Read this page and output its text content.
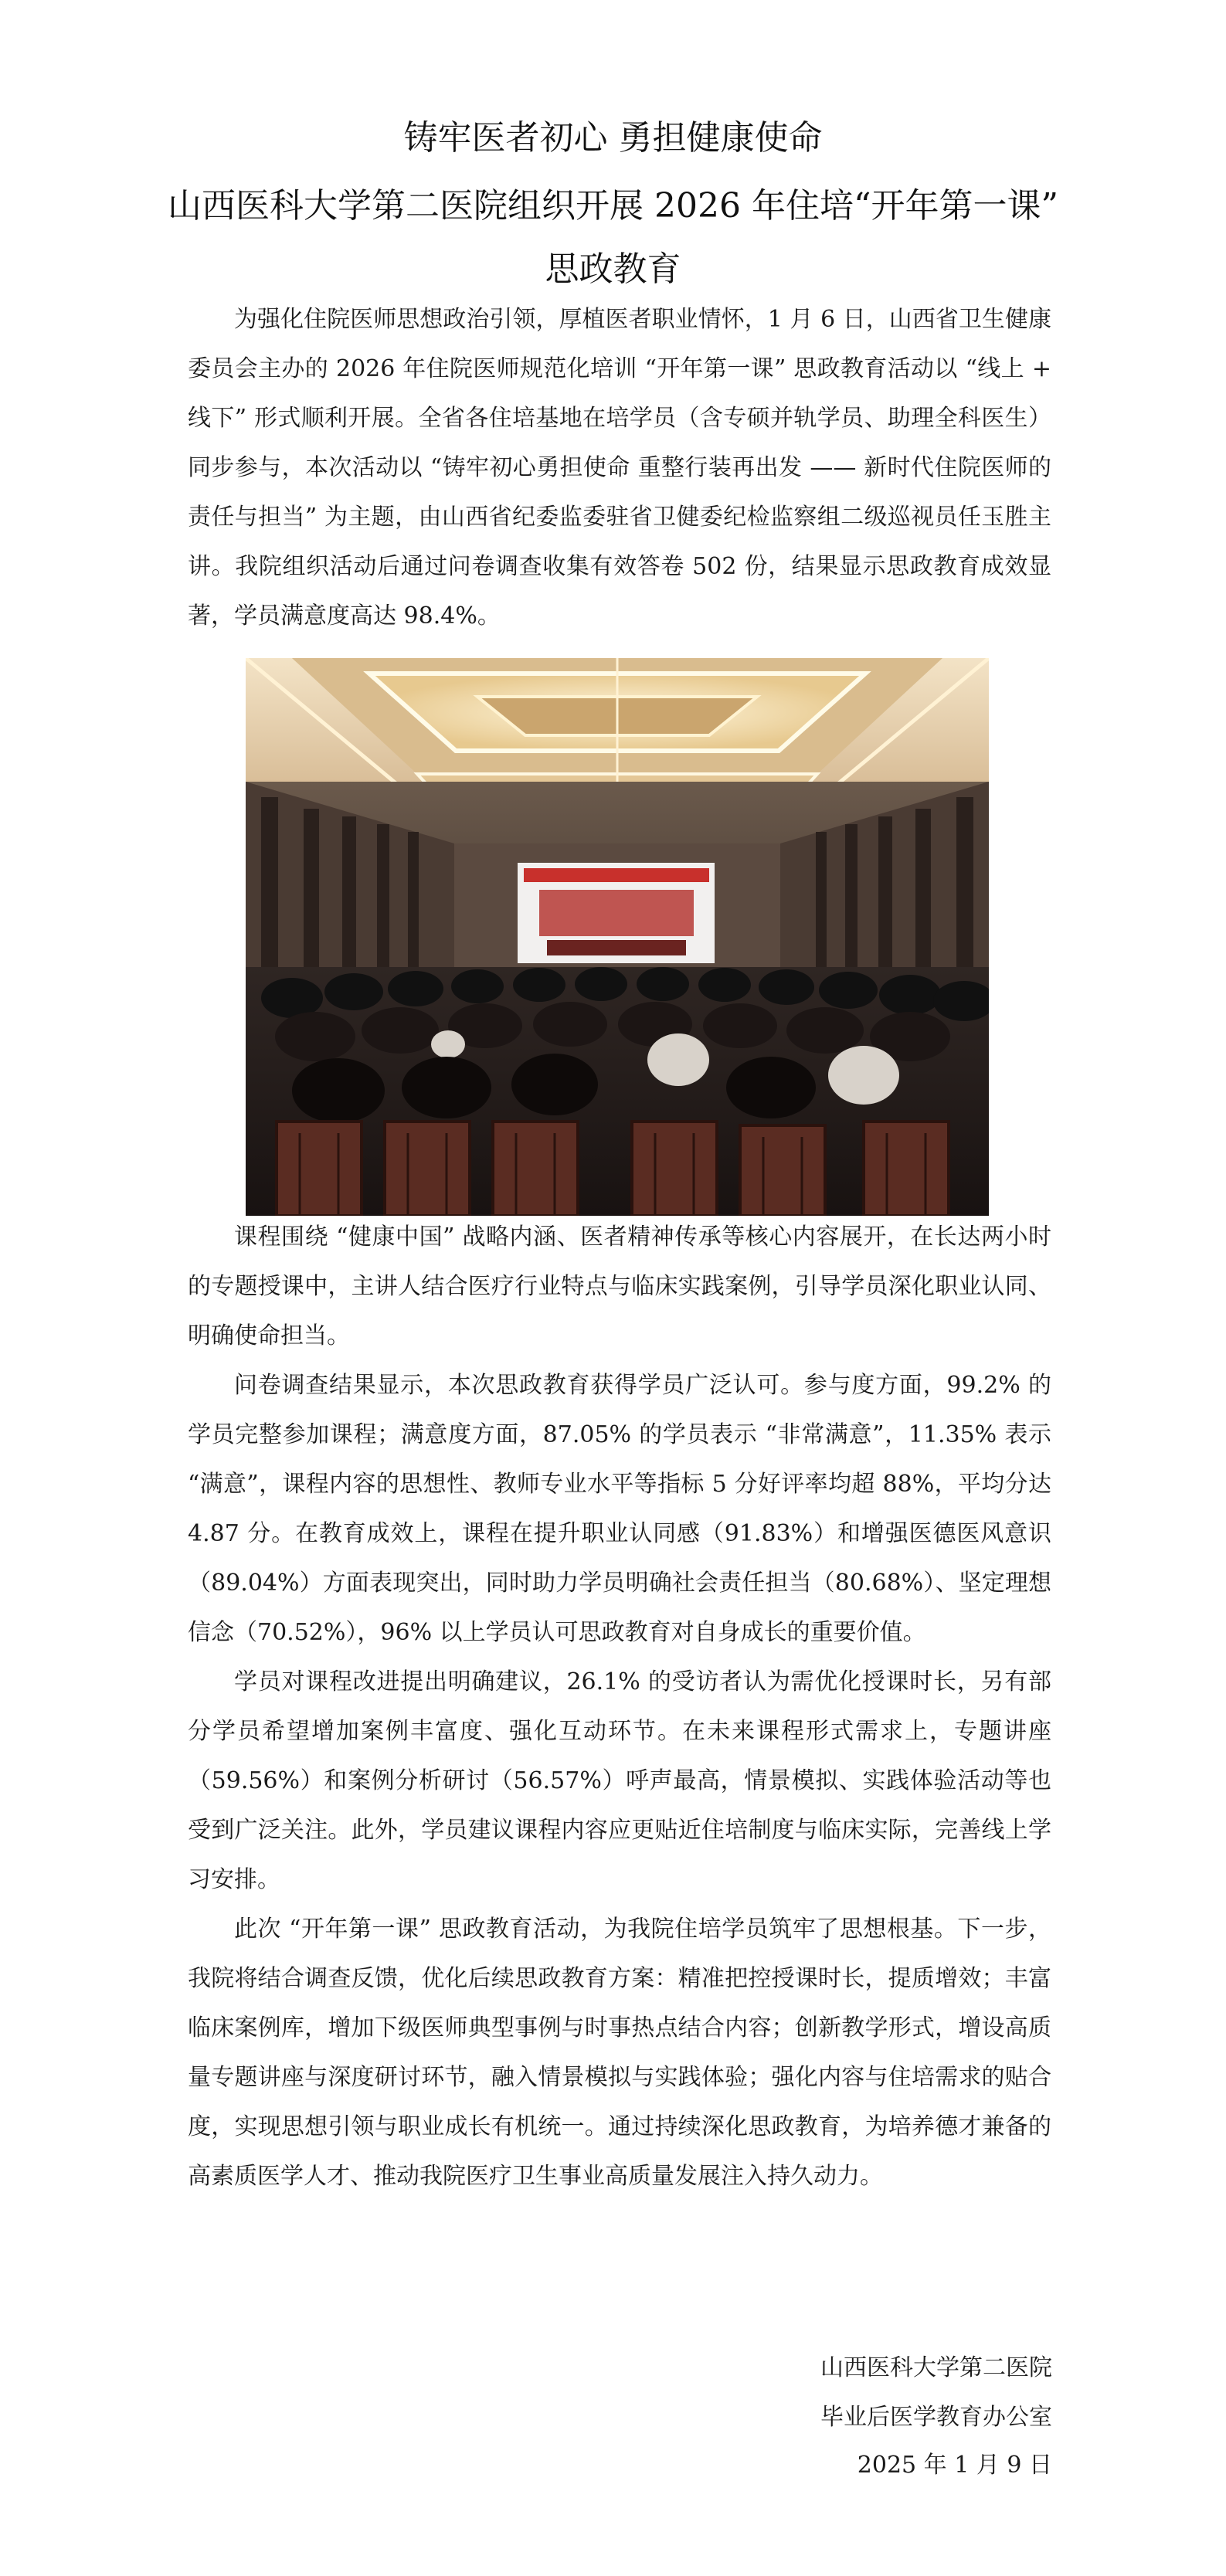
铸牢医者初心 勇担健康使命
山西医科大学第二医院组织开展 2026 年住培“开年第一课”
思政教育

为强化住院医师思想政治引领，厚植医者职业情怀，1 月 6 日，山西省卫生健康委员会主办的 2026 年住院医师规范化培训 “开年第一课” 思政教育活动以 “线上 + 线下” 形式顺利开展。全省各住培基地在培学员（含专硕并轨学员、助理全科医生）同步参与，本次活动以 “铸牢初心勇担使命 重整行装再出发 —— 新时代住院医师的责任与担当” 为主题，由山西省纪委监委驻省卫健委纪检监察组二级巡视员任玉胜主讲。我院组织活动后通过问卷调查收集有效答卷 502 份，结果显示思政教育成效显著，学员满意度高达 98.4%。

课程围绕 “健康中国” 战略内涵、医者精神传承等核心内容展开，在长达两小时的专题授课中，主讲人结合医疗行业特点与临床实践案例，引导学员深化职业认同、明确使命担当。

问卷调查结果显示，本次思政教育获得学员广泛认可。参与度方面，99.2% 的学员完整参加课程；满意度方面，87.05% 的学员表示 “非常满意”，11.35% 表示 “满意”，课程内容的思想性、教师专业水平等指标 5 分好评率均超 88%，平均分达 4.87 分。在教育成效上，课程在提升职业认同感（91.83%）和增强医德医风意识（89.04%）方面表现突出，同时助力学员明确社会责任担当（80.68%）、坚定理想信念（70.52%），96% 以上学员认可思政教育对自身成长的重要价值。

学员对课程改进提出明确建议，26.1% 的受访者认为需优化授课时长，另有部分学员希望增加案例丰富度、强化互动环节。在未来课程形式需求上，专题讲座（59.56%）和案例分析研讨（56.57%）呼声最高，情景模拟、实践体验活动等也受到广泛关注。此外，学员建议课程内容应更贴近住培制度与临床实际，完善线上学习安排。

此次 “开年第一课” 思政教育活动，为我院住培学员筑牢了思想根基。下一步，我院将结合调查反馈，优化后续思政教育方案：精准把控授课时长，提质增效；丰富临床案例库，增加下级医师典型事例与时事热点结合内容；创新教学形式，增设高质量专题讲座与深度研讨环节，融入情景模拟与实践体验；强化内容与住培需求的贴合度，实现思想引领与职业成长有机统一。通过持续深化思政教育，为培养德才兼备的高素质医学人才、推动我院医疗卫生事业高质量发展注入持久动力。

山西医科大学第二医院

毕业后医学教育办公室

2025 年 1 月 9 日
